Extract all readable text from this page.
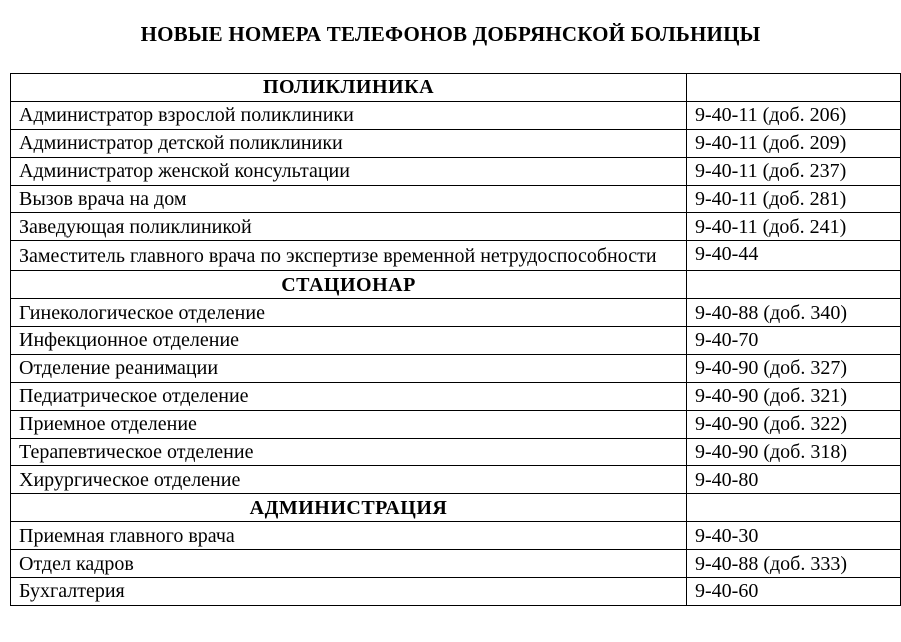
НОВЫЕ НОМЕРА ТЕЛЕФОНОВ ДОБРЯНСКОЙ БОЛЬНИЦЫ
ПОЛИКЛИНИКА	
Администратор взрослой поликлиники	9-40-11 (доб. 206)
Администратор детской поликлиники	9-40-11 (доб. 209)
Администратор женской консультации	9-40-11 (доб. 237)
Вызов врача на дом	9-40-11 (доб. 281)
Заведующая поликлиникой	9-40-11 (доб. 241)
Заместитель главного врача по экспертизе временной нетрудоспособности	9-40-44
СТАЦИОНАР	
Гинекологическое отделение	9-40-88 (доб. 340)
Инфекционное отделение	9-40-70
Отделение реанимации	9-40-90 (доб. 327)
Педиатрическое отделение	9-40-90 (доб. 321)
Приемное отделение	9-40-90 (доб. 322)
Терапевтическое отделение	9-40-90 (доб. 318)
Хирургическое отделение	9-40-80
АДМИНИСТРАЦИЯ	
Приемная главного врача	9-40-30
Отдел кадров	9-40-88 (доб. 333)
Бухгалтерия	9-40-60
